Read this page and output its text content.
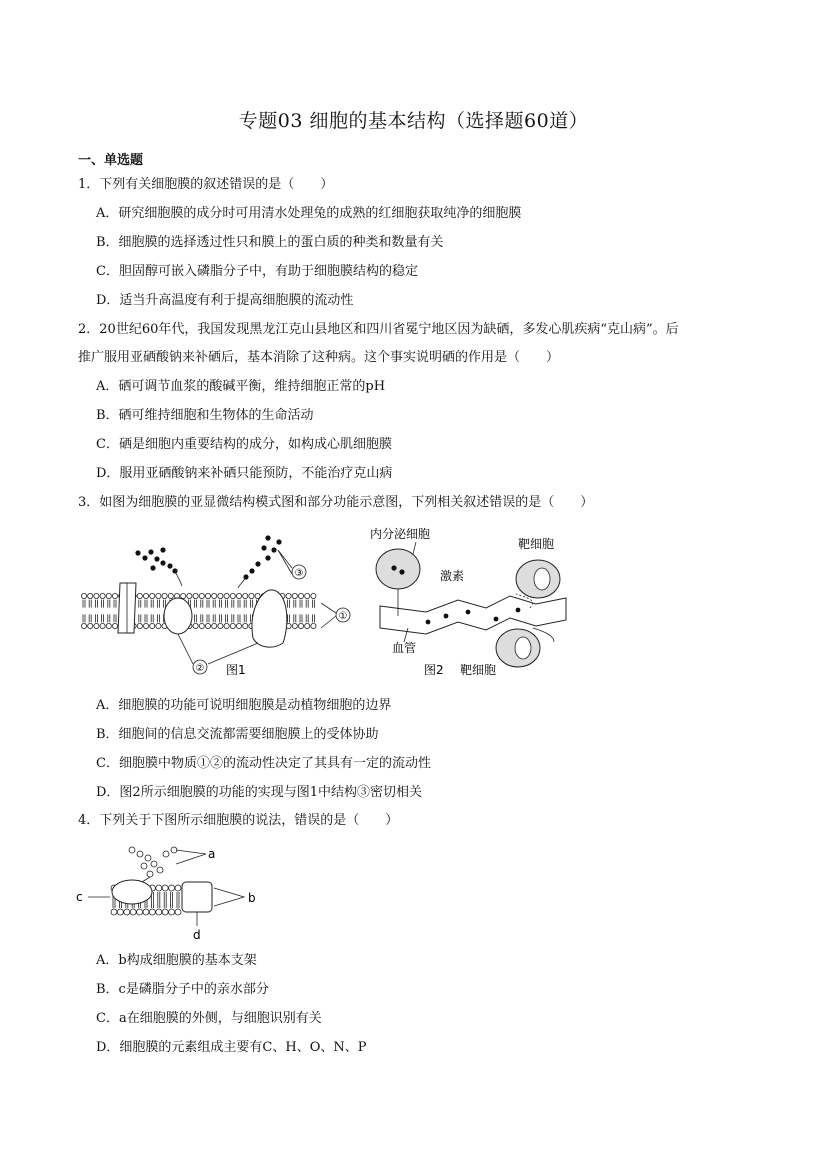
专题03 细胞的基本结构（选择题60道）
一、单选题
1．下列有关细胞膜的叙述错误的是（　　）
A．研究细胞膜的成分时可用清水处理兔的成熟的红细胞获取纯净的细胞膜
B．细胞膜的选择透过性只和膜上的蛋白质的种类和数量有关
C．胆固醇可嵌入磷脂分子中，有助于细胞膜结构的稳定
D．适当升高温度有利于提高细胞膜的流动性
2．20世纪60年代，我国发现黑龙江克山县地区和四川省冕宁地区因为缺硒，多发心肌疾病“克山病”。后
推广服用亚硒酸钠来补硒后，基本消除了这种病。这个事实说明硒的作用是（　　）
A．硒可调节血浆的酸碱平衡，维持细胞正常的pH
B．硒可维持细胞和生物体的生命活动
C．硒是细胞内重要结构的成分，如构成心肌细胞膜
D．服用亚硒酸钠来补硒只能预防，不能治疗克山病
3．如图为细胞膜的亚显微结构模式图和部分功能示意图，下列相关叙述错误的是（　　）
③
①
② 图1
内分泌细胞
激素
靶细胞
血管
图2 靶细胞
A．细胞膜的功能可说明细胞膜是动植物细胞的边界
B．细胞间的信息交流都需要细胞膜上的受体协助
C．细胞膜中物质①②的流动性决定了其具有一定的流动性
D．图2所示细胞膜的功能的实现与图1中结构③密切相关
4．下列关于下图所示细胞膜的说法，错误的是（　　）
d
b
c
a
A．b构成细胞膜的基本支架
B．c是磷脂分子中的亲水部分
C．a在细胞膜的外侧，与细胞识别有关
D．细胞膜的元素组成主要有C、H、O、N、P
